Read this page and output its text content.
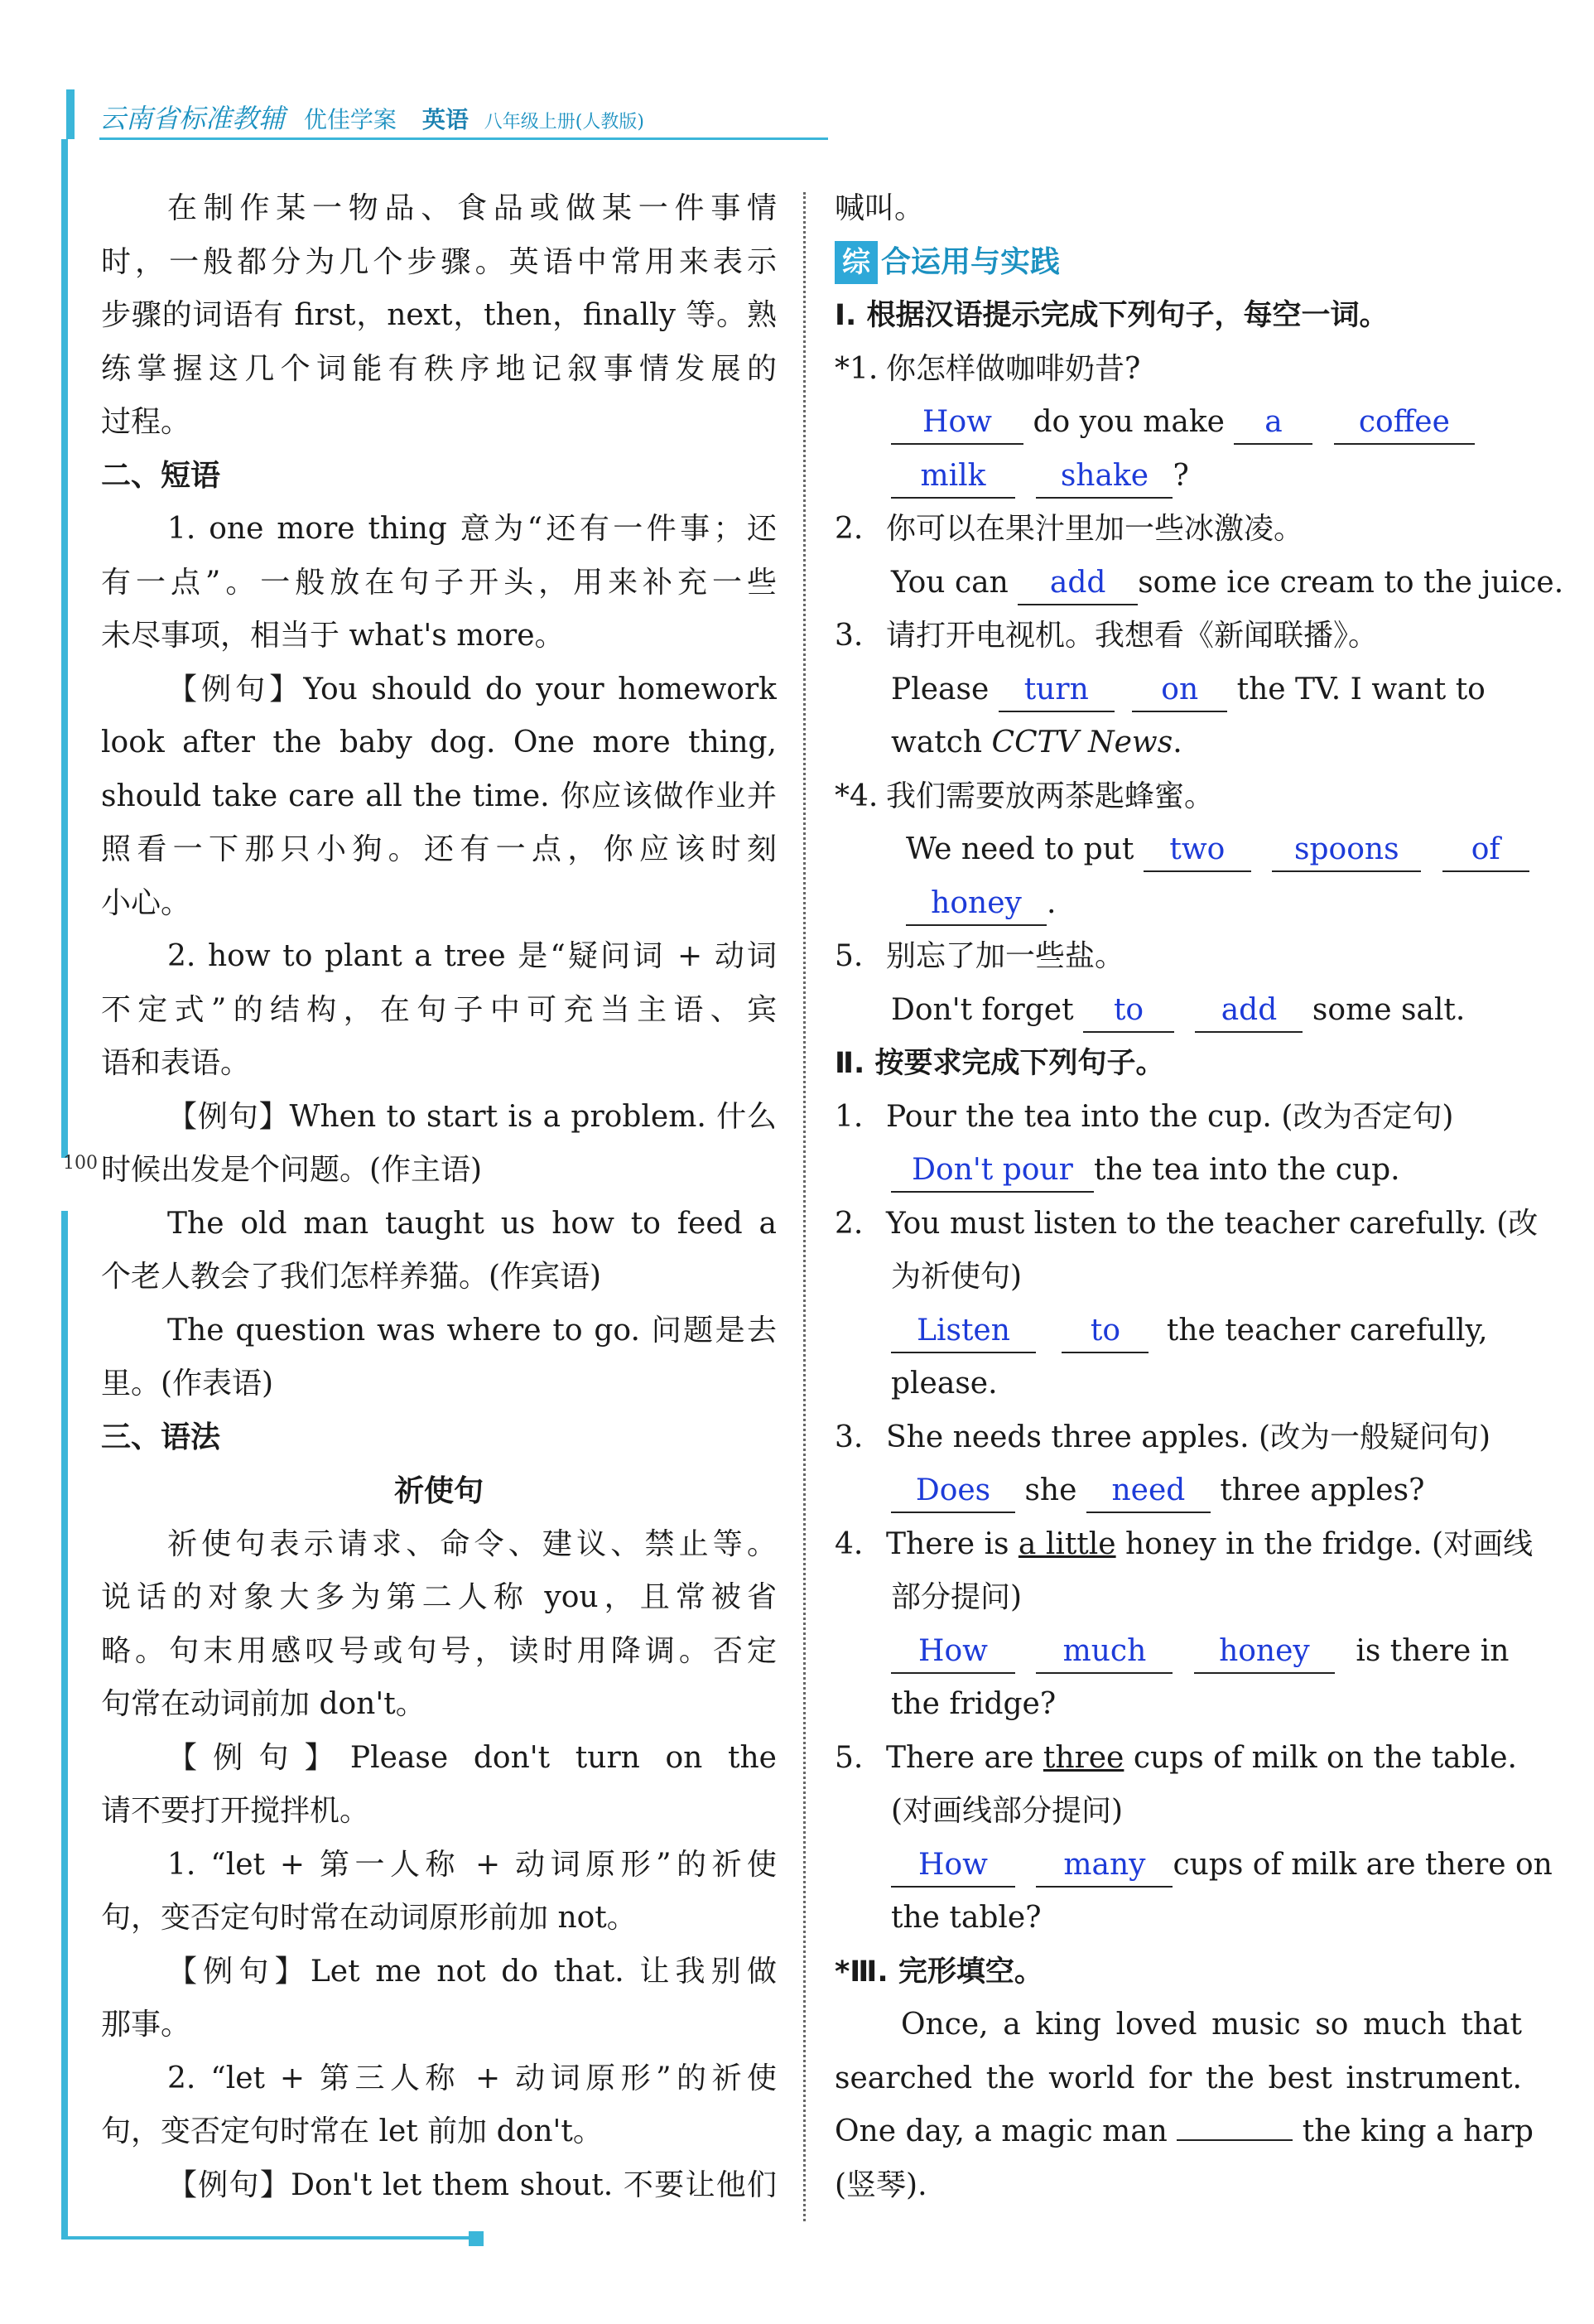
云南省标准教辅 优佳学案 英语 八年级上册(人教版)
100
在制作某一物品、食品或做某一件事情
时，一般都分为几个步骤。英语中常用来表示
步骤的词语有 first，next，then，finally 等。熟
练掌握这几个词能有秩序地记叙事情发展的
过程。
二、短语
1. one more thing 意为“还有一件事；还
有一点”。一般放在句子开头，用来补充一些
未尽事项，相当于 what's more。
【例句】You should do your homework
look after the baby dog. One more thing,
should take care all the time. 你应该做作业并
照看一下那只小狗。还有一点，你应该时刻
小心。
2. how to plant a tree 是“疑问词 + 动词
不定式”的结构，在句子中可充当主语、宾
语和表语。
【例句】When to start is a problem. 什么
时候出发是个问题。(作主语)
The old man taught us how to feed a
个老人教会了我们怎样养猫。(作宾语)
The question was where to go. 问题是去
里。(作表语)
三、语法
祈使句
祈使句表示请求、命令、建议、禁止等。
说话的对象大多为第二人称 you，且常被省
略。句末用感叹号或句号，读时用降调。否定
句常在动词前加 don't。
【例句】Please don't turn on the
请不要打开搅拌机。
1. “let + 第一人称 + 动词原形”的祈使
句，变否定句时常在动词原形前加 not。
【例句】Let me not do that. 让我别做
那事。
2. “let + 第三人称 + 动词原形”的祈使
句，变否定句时常在 let 前加 don't。
【例句】Don't let them shout. 不要让他们
喊叫。
综 合运用与实践
Ⅰ. 根据汉语提示完成下列句子，每空一词。
*1. 你怎样做咖啡奶昔?
How do you make a	coffee
milk	shake ?
2. 你可以在果汁里加一些冰激凌。
You can add some ice cream to the juice.
3. 请打开电视机。我想看《新闻联播》。
Please turn on the TV. I want to
watch CCTV News.
*4. 我们需要放两茶匙蜂蜜。
We need to put two spoons of
honey .
5. 别忘了加一些盐。
Don't forget to	add some salt.
Ⅱ. 按要求完成下列句子。
1. Pour the tea into the cup. (改为否定句)
Don't pour the tea into the cup.
2. You must listen to the teacher carefully. (改
为祈使句)
Listen	to the teacher carefully,
please.
3. She needs three apples. (改为一般疑问句)
Does she need three apples?
4. There is a little honey in the fridge. (对画线
部分提问)
How	much honey is there in
the fridge?
5. There are three cups of milk on the table.
(对画线部分提问)
How	many cups of milk are there on
the table?
*Ⅲ. 完形填空。
Once, a king loved music so much that
searched the world for the best instrument.
One day, a magic man	the king a harp
(竖琴).
